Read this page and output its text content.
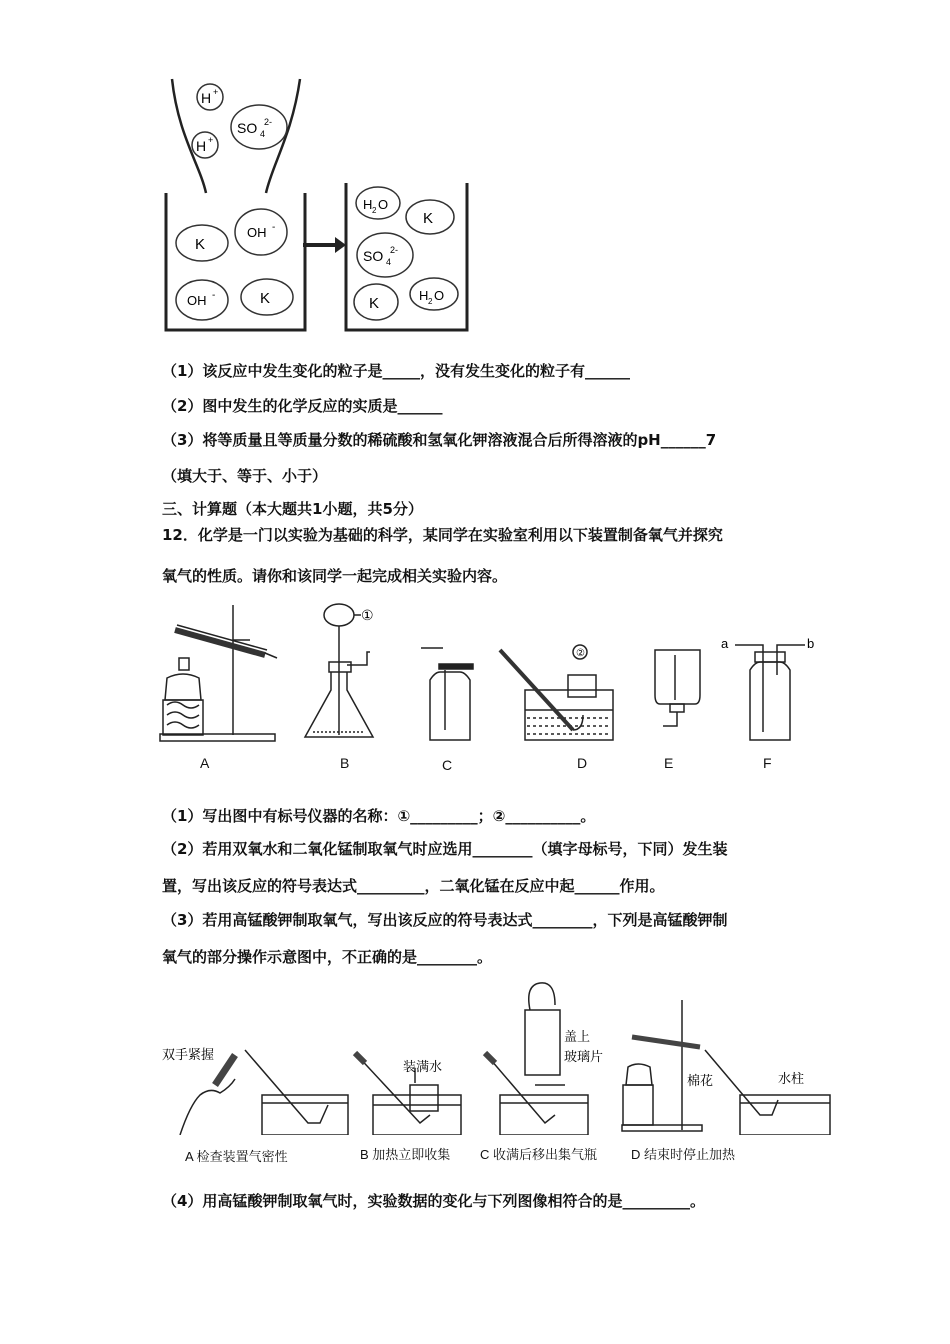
H +
H +
SO 4
2-
K
OH -
OH -	K
H 2 O
K
SO 4
2-
K	H 2 O
（1）该反应中发生变化的粒子是_____，没有发生变化的粒子有______
（2）图中发生的化学反应的实质是______
（3）将等质量且等质量分数的稀硫酸和氢氧化钾溶液混合后所得溶液的pH______7
（填大于、等于、小于）
三、计算题（本大题共1小题，共5分）
12．化学是一门以实验为基础的科学，某同学在实验室利用以下装置制备氧气并探究
氧气的性质。请你和该同学一起完成相关实验内容。
①
②
a	b
A	B	C	D	E	F
（1）写出图中有标号仪器的名称：①_________；②__________。
（2）若用双氧水和二氧化锰制取氧气时应选用________（填字母标号，下同）发生装
置，写出该反应的符号表达式_________，二氧化锰在反应中起______作用。
（3）若用高锰酸钾制取氧气，写出该反应的符号表达式________，下列是高锰酸钾制
氧气的部分操作示意图中，不正确的是________。
双手紧握
装满水
盖上
玻璃片
棉花	水柱
A 检查装置气密性	B 加热立即收集 C 收满后移出集气瓶	D 结束时停止加热
（4）用高锰酸钾制取氧气时，实验数据的变化与下列图像相符合的是_________。
